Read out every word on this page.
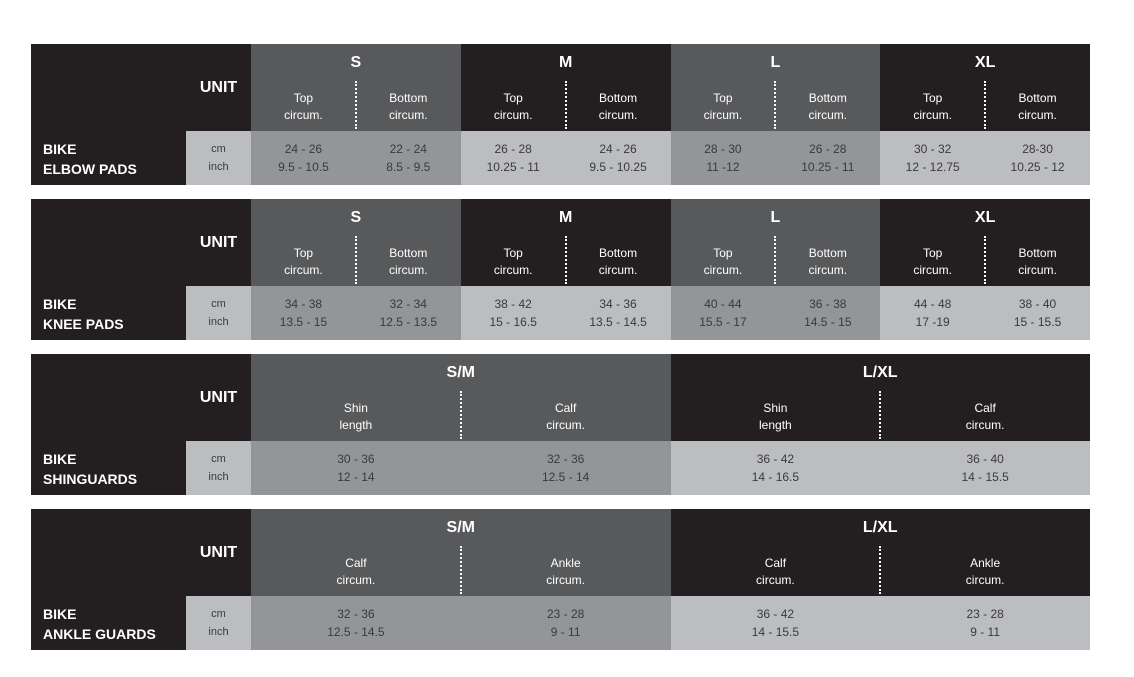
BIKE
ELBOW PADS
UNIT
cm
inch
S
Top
circum.
Bottom
circum.
24 - 26
9.5 - 10.5
22 - 24
8.5 - 9.5
M
Top
circum.
Bottom
circum.
26 - 28
10.25 - 11
24 - 26
9.5 - 10.25
L
Top
circum.
Bottom
circum.
28 - 30
11 -12
26 - 28
10.25 - 11
XL
Top
circum.
Bottom
circum.
30 - 32
12 - 12.75
28-30
10.25 - 12
BIKE
KNEE PADS
UNIT
cm
inch
S
Top
circum.
Bottom
circum.
34 - 38
13.5 - 15
32 - 34
12.5 - 13.5
M
Top
circum.
Bottom
circum.
38 - 42
15 - 16.5
34 - 36
13.5 - 14.5
L
Top
circum.
Bottom
circum.
40 - 44
15.5 - 17
36 - 38
14.5 - 15
XL
Top
circum.
Bottom
circum.
44 - 48
17 -19
38 - 40
15 - 15.5
BIKE
SHINGUARDS
UNIT
cm
inch
S/M
Shin
length
Calf
circum.
30 - 36
12 - 14
32 - 36
12.5 - 14
L/XL
Shin
length
Calf
circum.
36 - 42
14 - 16.5
36 - 40
14 - 15.5
BIKE
ANKLE GUARDS
UNIT
cm
inch
S/M
Calf
circum.
Ankle
circum.
32 - 36
12.5 - 14.5
23 - 28
9 - 11
L/XL
Calf
circum.
Ankle
circum.
36 - 42
14 - 15.5
23 - 28
9 - 11
